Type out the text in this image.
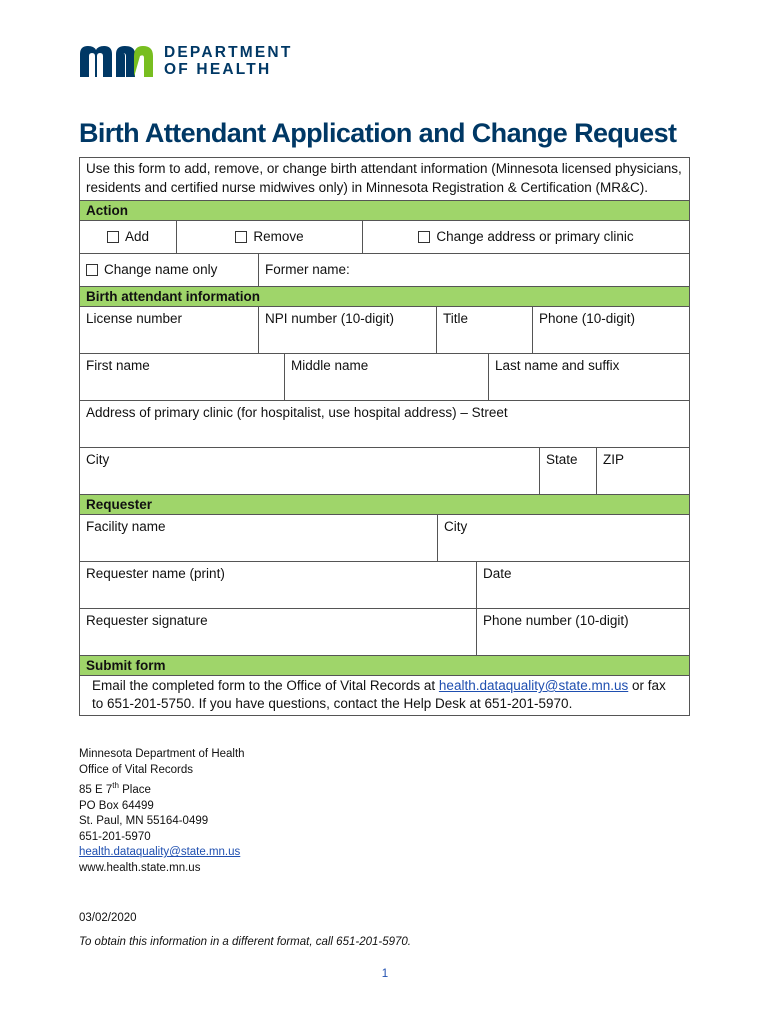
DEPARTMENT
OF HEALTH
Birth Attendant Application and Change Request
Use this form to add, remove, or change birth attendant information (Minnesota licensed physicians, residents and certified nurse midwives only) in Minnesota Registration & Certification (MR&C).
Action
Add	Remove	Change address or primary clinic
Change name only	Former name:
Birth attendant information
License number	NPI number (10-digit)	Title	Phone (10-digit)
First name	Middle name	Last name and suffix
Address of primary clinic (for hospitalist, use hospital address) – Street
City	State	ZIP
Requester
Facility name	City
Requester name (print)	Date
Requester signature	Phone number (10-digit)
Submit form
Email the completed form to the Office of Vital Records at health.dataquality@state.mn.us or fax to 651-201-5750. If you have questions, contact the Help Desk at 651-201-5970.
Minnesota Department of Health
Office of Vital Records
85 E 7th Place
PO Box 64499
St. Paul, MN 55164-0499
651-201-5970
health.dataquality@state.mn.us
www.health.state.mn.us
03/02/2020
To obtain this information in a different format, call 651-201-5970.
1
